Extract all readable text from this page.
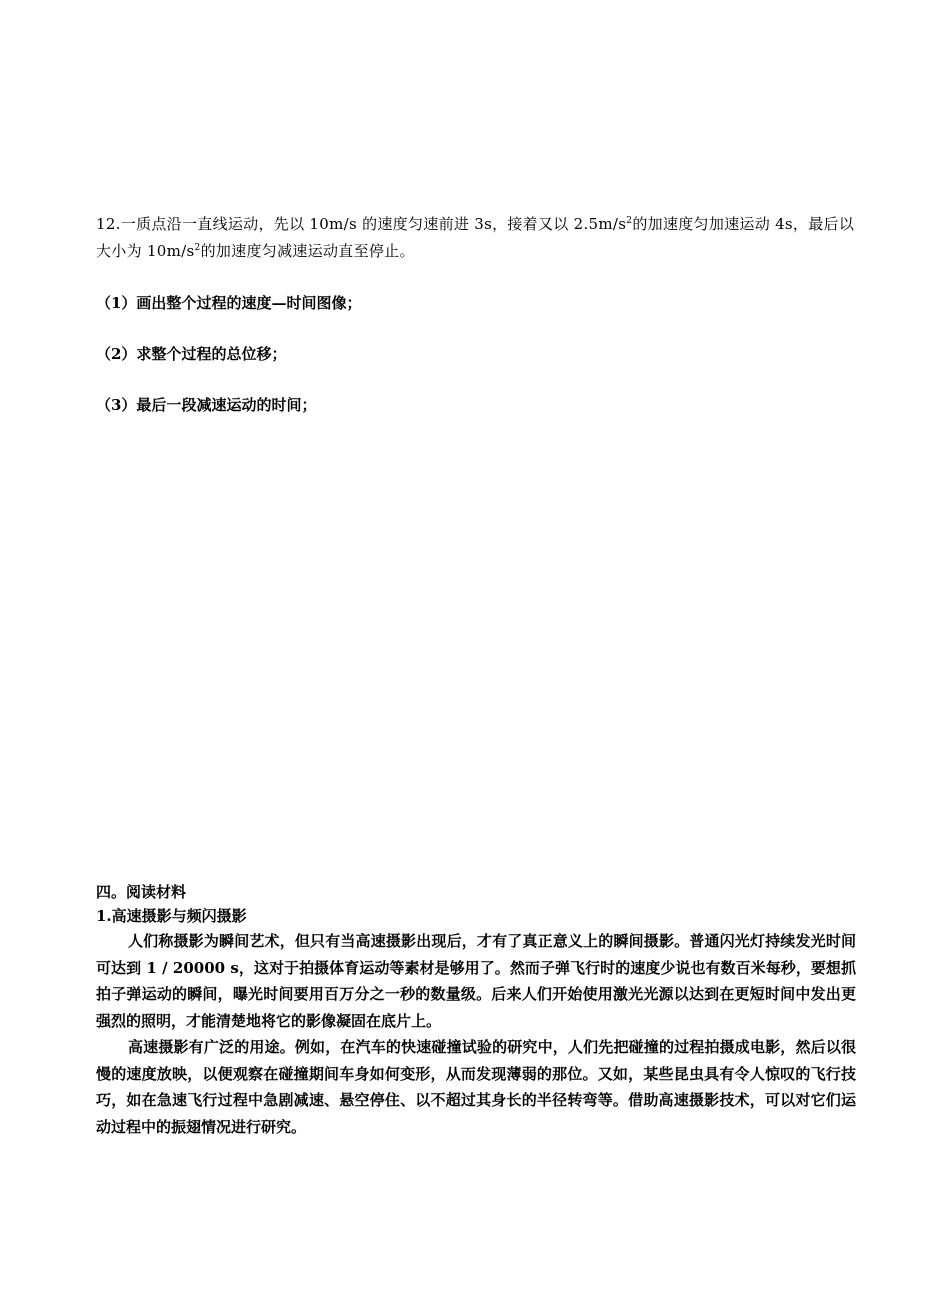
12.一质点沿一直线运动，先以 10m/s 的速度匀速前进 3s，接着又以 $2.5m/s^2$的加速度匀加速运动 4s，最后以大小为 $10m/s^2$的加速度匀减速运动直至停止。

（1）画出整个过程的速度—时间图像；

（2）求整个过程的总位移；

（3）最后一段减速运动的时间；

四。阅读材料

1.高速摄影与频闪摄影

人们称摄影为瞬间艺术，但只有当高速摄影出现后，才有了真正意义上的瞬间摄影。普通闪光灯持续发光时间可达到 1 / 20000 s，这对于拍摄体育运动等素材是够用了。然而子弹飞行时的速度少说也有数百米每秒，要想抓拍子弹运动的瞬间，曝光时间要用百万分之一秒的数量级。后来人们开始使用激光光源以达到在更短时间中发出更强烈的照明，才能清楚地将它的影像凝固在底片上。

高速摄影有广泛的用途。例如，在汽车的快速碰撞试验的研究中，人们先把碰撞的过程拍摄成电影，然后以很慢的速度放映，以便观察在碰撞期间车身如何变形，从而发现薄弱的那位。又如，某些昆虫具有令人惊叹的飞行技巧，如在急速飞行过程中急剧减速、悬空停住、以不超过其身长的半径转弯等。借助高速摄影技术，可以对它们运动过程中的振翅情况进行研究。
